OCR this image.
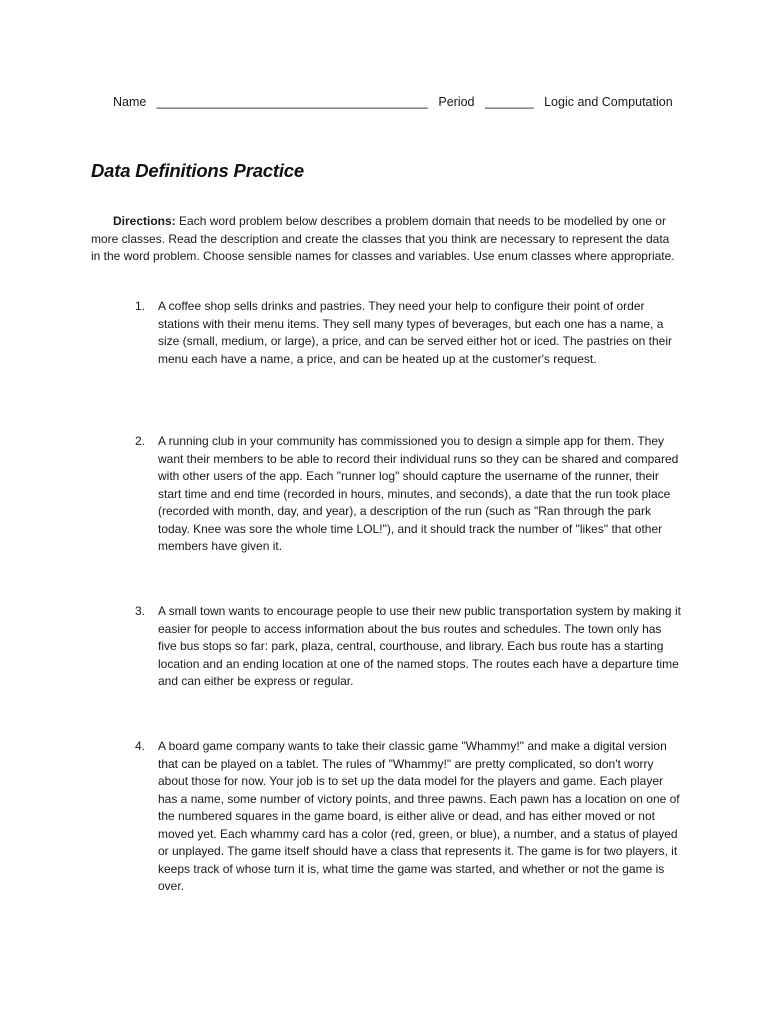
Name _______________________________________ Period _______ Logic and Computation
Data Definitions Practice

Directions: Each word problem below describes a problem domain that needs to be modelled by one or more classes. Read the description and create the classes that you think are necessary to represent the data in the word problem. Choose sensible names for classes and variables. Use enum classes where appropriate.

1.	A coffee shop sells drinks and pastries. They need your help to configure their point of order stations with their menu items. They sell many types of beverages, but each one has a name, a size (small, medium, or large), a price, and can be served either hot or iced. The pastries on their menu each have a name, a price, and can be heated up at the customer's request.

2.	A running club in your community has commissioned you to design a simple app for them. They want their members to be able to record their individual runs so they can be shared and compared with other users of the app. Each "runner log" should capture the username of the runner, their start time and end time (recorded in hours, minutes, and seconds), a date that the run took place (recorded with month, day, and year), a description of the run (such as "Ran through the park today. Knee was sore the whole time LOL!"), and it should track the number of "likes" that other members have given it.

3.	A small town wants to encourage people to use their new public transportation system by making it easier for people to access information about the bus routes and schedules. The town only has five bus stops so far: park, plaza, central, courthouse, and library. Each bus route has a starting location and an ending location at one of the named stops. The routes each have a departure time and can either be express or regular.

4.	A board game company wants to take their classic game "Whammy!" and make a digital version that can be played on a tablet. The rules of "Whammy!" are pretty complicated, so don't worry about those for now. Your job is to set up the data model for the players and game. Each player has a name, some number of victory points, and three pawns. Each pawn has a location on one of the numbered squares in the game board, is either alive or dead, and has either moved or not moved yet. Each whammy card has a color (red, green, or blue), a number, and a status of played or unplayed. The game itself should have a class that represents it. The game is for two players, it keeps track of whose turn it is, what time the game was started, and whether or not the game is over.
